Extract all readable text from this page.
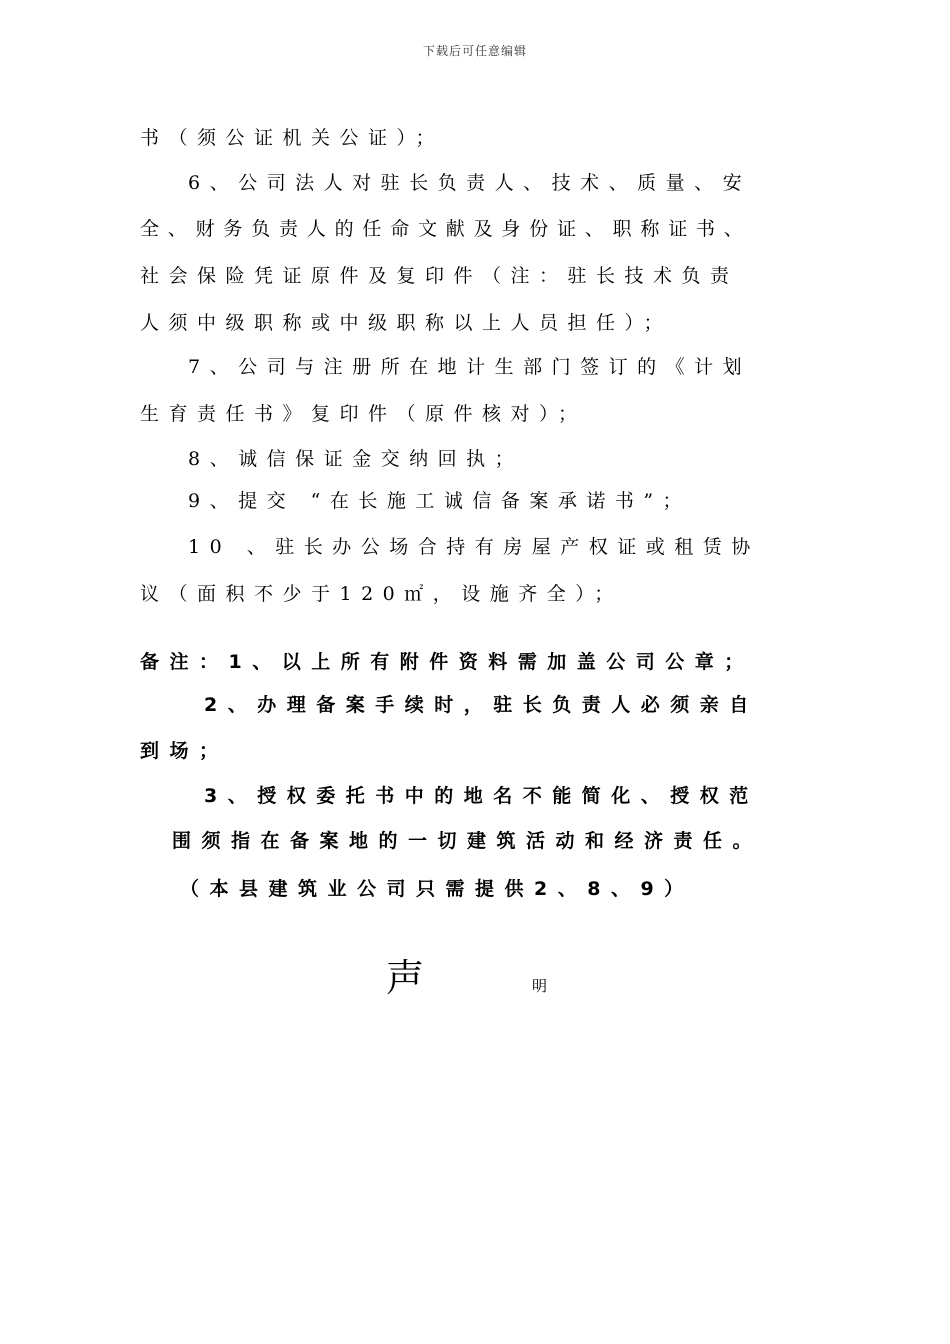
下载后可任意编辑
书（须公证机关公证）；
6、公司法人对驻长负责人、技术、质量、安
全、财务负责人的任命文献及身份证、职称证书、
社会保险凭证原件及复印件（注：驻长技术负责
人须中级职称或中级职称以上人员担任）；
7、公司与注册所在地计生部门签订的《计划
生育责任书》复印件（原件核对）；
8、诚信保证金交纳回执；
9、提交 “在长施工诚信备案承诺书”；
10 、驻长办公场合持有房屋产权证或租赁协
议（面积不少于120㎡，设施齐全）；
备注：1、以上所有附件资料需加盖公司公章；
2、办理备案手续时，驻长负责人必须亲自
到场；
3、授权委托书中的地名不能简化、授权范
围须指在备案地的一切建筑活动和经济责任。
（本县建筑业公司只需提供2、8、9）
声	明
